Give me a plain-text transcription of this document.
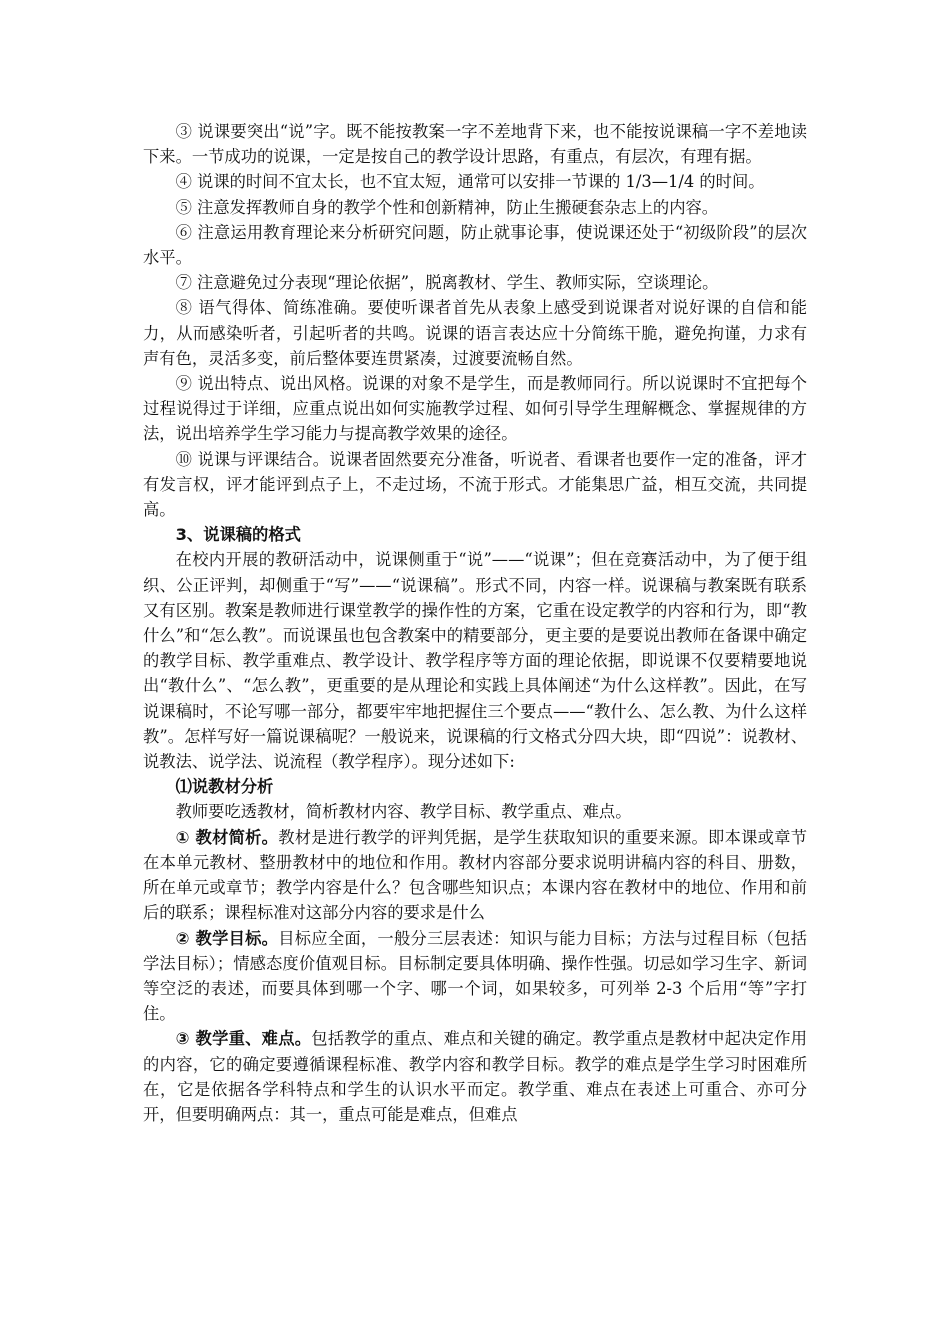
③ 说课要突出“说”字。既不能按教案一字不差地背下来，也不能按说课稿一字不差地读下来。一节成功的说课，一定是按自己的教学设计思路，有重点，有层次，有理有据。

④ 说课的时间不宜太长，也不宜太短，通常可以安排一节课的 1/3—1/4 的时间。

⑤ 注意发挥教师自身的教学个性和创新精神，防止生搬硬套杂志上的内容。

⑥ 注意运用教育理论来分析研究问题，防止就事论事，使说课还处于“初级阶段”的层次水平。

⑦ 注意避免过分表现“理论依据”，脱离教材、学生、教师实际，空谈理论。

⑧ 语气得体、简练准确。要使听课者首先从表象上感受到说课者对说好课的自信和能力，从而感染听者，引起听者的共鸣。说课的语言表达应十分简练干脆，避免拘谨，力求有声有色，灵活多变，前后整体要连贯紧凑，过渡要流畅自然。

⑨ 说出特点、说出风格。说课的对象不是学生，而是教师同行。所以说课时不宜把每个过程说得过于详细，应重点说出如何实施教学过程、如何引导学生理解概念、掌握规律的方法，说出培养学生学习能力与提高教学效果的途径。

⑩ 说课与评课结合。说课者固然要充分准备，听说者、看课者也要作一定的准备，评才有发言权，评才能评到点子上，不走过场，不流于形式。才能集思广益，相互交流，共同提高。

3、说课稿的格式

在校内开展的教研活动中，说课侧重于“说”——“说课”；但在竞赛活动中，为了便于组织、公正评判，却侧重于“写”——“说课稿”。形式不同，内容一样。说课稿与教案既有联系又有区别。教案是教师进行课堂教学的操作性的方案，它重在设定教学的内容和行为，即“教什么”和“怎么教”。而说课虽也包含教案中的精要部分，更主要的是要说出教师在备课中确定的教学目标、教学重难点、教学设计、教学程序等方面的理论依据，即说课不仅要精要地说出“教什么”、“怎么教”，更重要的是从理论和实践上具体阐述“为什么这样教”。因此，在写说课稿时，不论写哪一部分，都要牢牢地把握住三个要点——“教什么、怎么教、为什么这样教”。怎样写好一篇说课稿呢？一般说来，说课稿的行文格式分四大块，即“四说”：说教材、说教法、说学法、说流程（教学程序）。现分述如下:

⑴说教材分析

教师要吃透教材，简析教材内容、教学目标、教学重点、难点。

① 教材简析。教材是进行教学的评判凭据，是学生获取知识的重要来源。即本课或章节在本单元教材、整册教材中的地位和作用。教材内容部分要求说明讲稿内容的科目、册数，所在单元或章节；教学内容是什么？包含哪些知识点；本课内容在教材中的地位、作用和前后的联系；课程标准对这部分内容的要求是什么

② 教学目标。目标应全面，一般分三层表述：知识与能力目标；方法与过程目标（包括学法目标）；情感态度价值观目标。目标制定要具体明确、操作性强。切忌如学习生字、新词等空泛的表述，而要具体到哪一个字、哪一个词，如果较多，可列举 2-3 个后用“等”字打住。

③ 教学重、难点。包括教学的重点、难点和关键的确定。教学重点是教材中起决定作用的内容，它的确定要遵循课程标准、教学内容和教学目标。教学的难点是学生学习时困难所在，它是依据各学科特点和学生的认识水平而定。教学重、难点在表述上可重合、亦可分开，但要明确两点：其一，重点可能是难点，但难点
